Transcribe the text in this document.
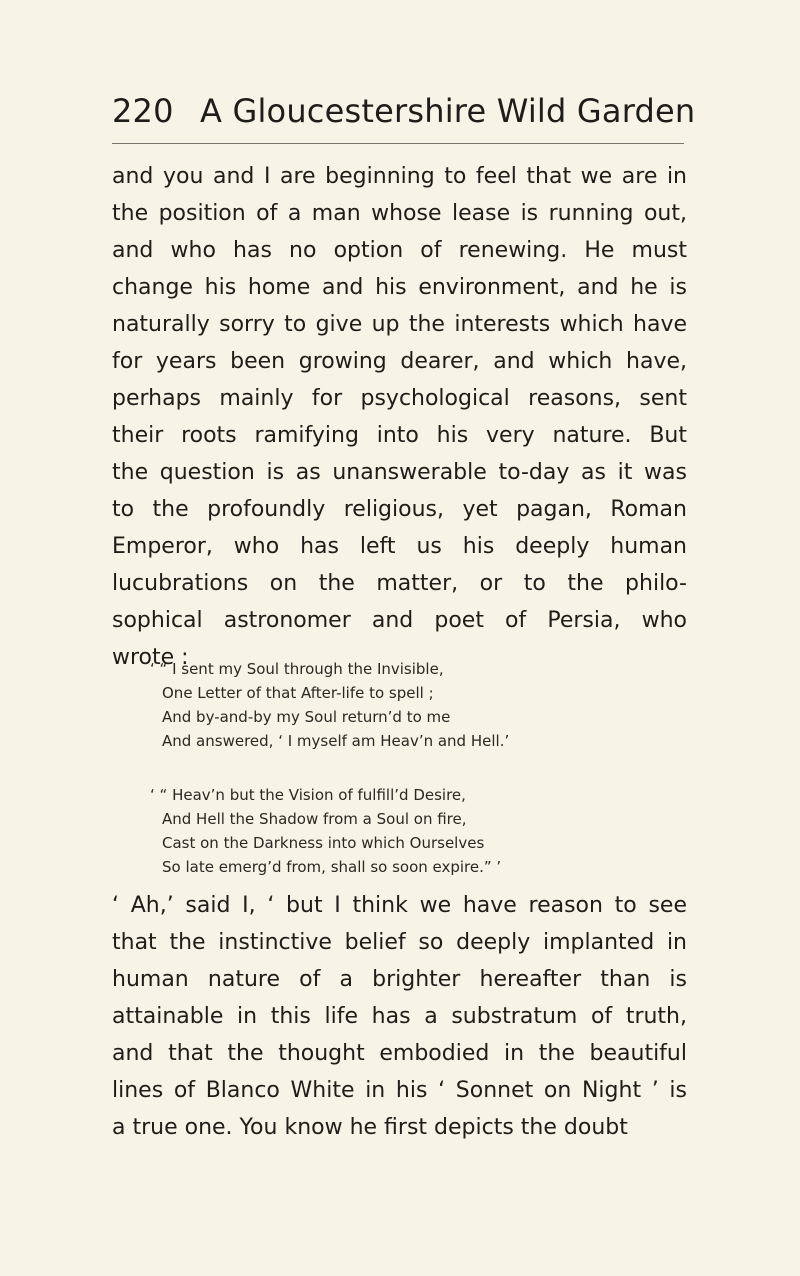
220 A Gloucestershire Wild Garden
and you and I are beginning to feel that we are in
the position of a man whose lease is running out,
and who has no option of renewing. He must
change his home and his environment, and he is
naturally sorry to give up the interests which have
for years been growing dearer, and which have,
perhaps mainly for psychological reasons, sent
their roots ramifying into his very nature. But
the question is as unanswerable to-day as it was
to the profoundly religious, yet pagan, Roman
Emperor, who has left us his deeply human
lucubrations on the matter, or to the philo-
sophical astronomer and poet of Persia, who
wrote :
‘ “ I sent my Soul through the Invisible,
One Letter of that After-life to spell ;
And by-and-by my Soul return’d to me
And answered, ‘ I myself am Heav’n and Hell.’
‘ “ Heav’n but the Vision of fulfill’d Desire,
And Hell the Shadow from a Soul on fire,
Cast on the Darkness into which Ourselves
So late emerg’d from, shall so soon expire.” ’
‘ Ah,’ said I, ‘ but I think we have reason to see
that the instinctive belief so deeply implanted in
human nature of a brighter hereafter than is
attainable in this life has a substratum of truth,
and that the thought embodied in the beautiful
lines of Blanco White in his ‘ Sonnet on Night ’ is
a true one. You know he first depicts the doubt
